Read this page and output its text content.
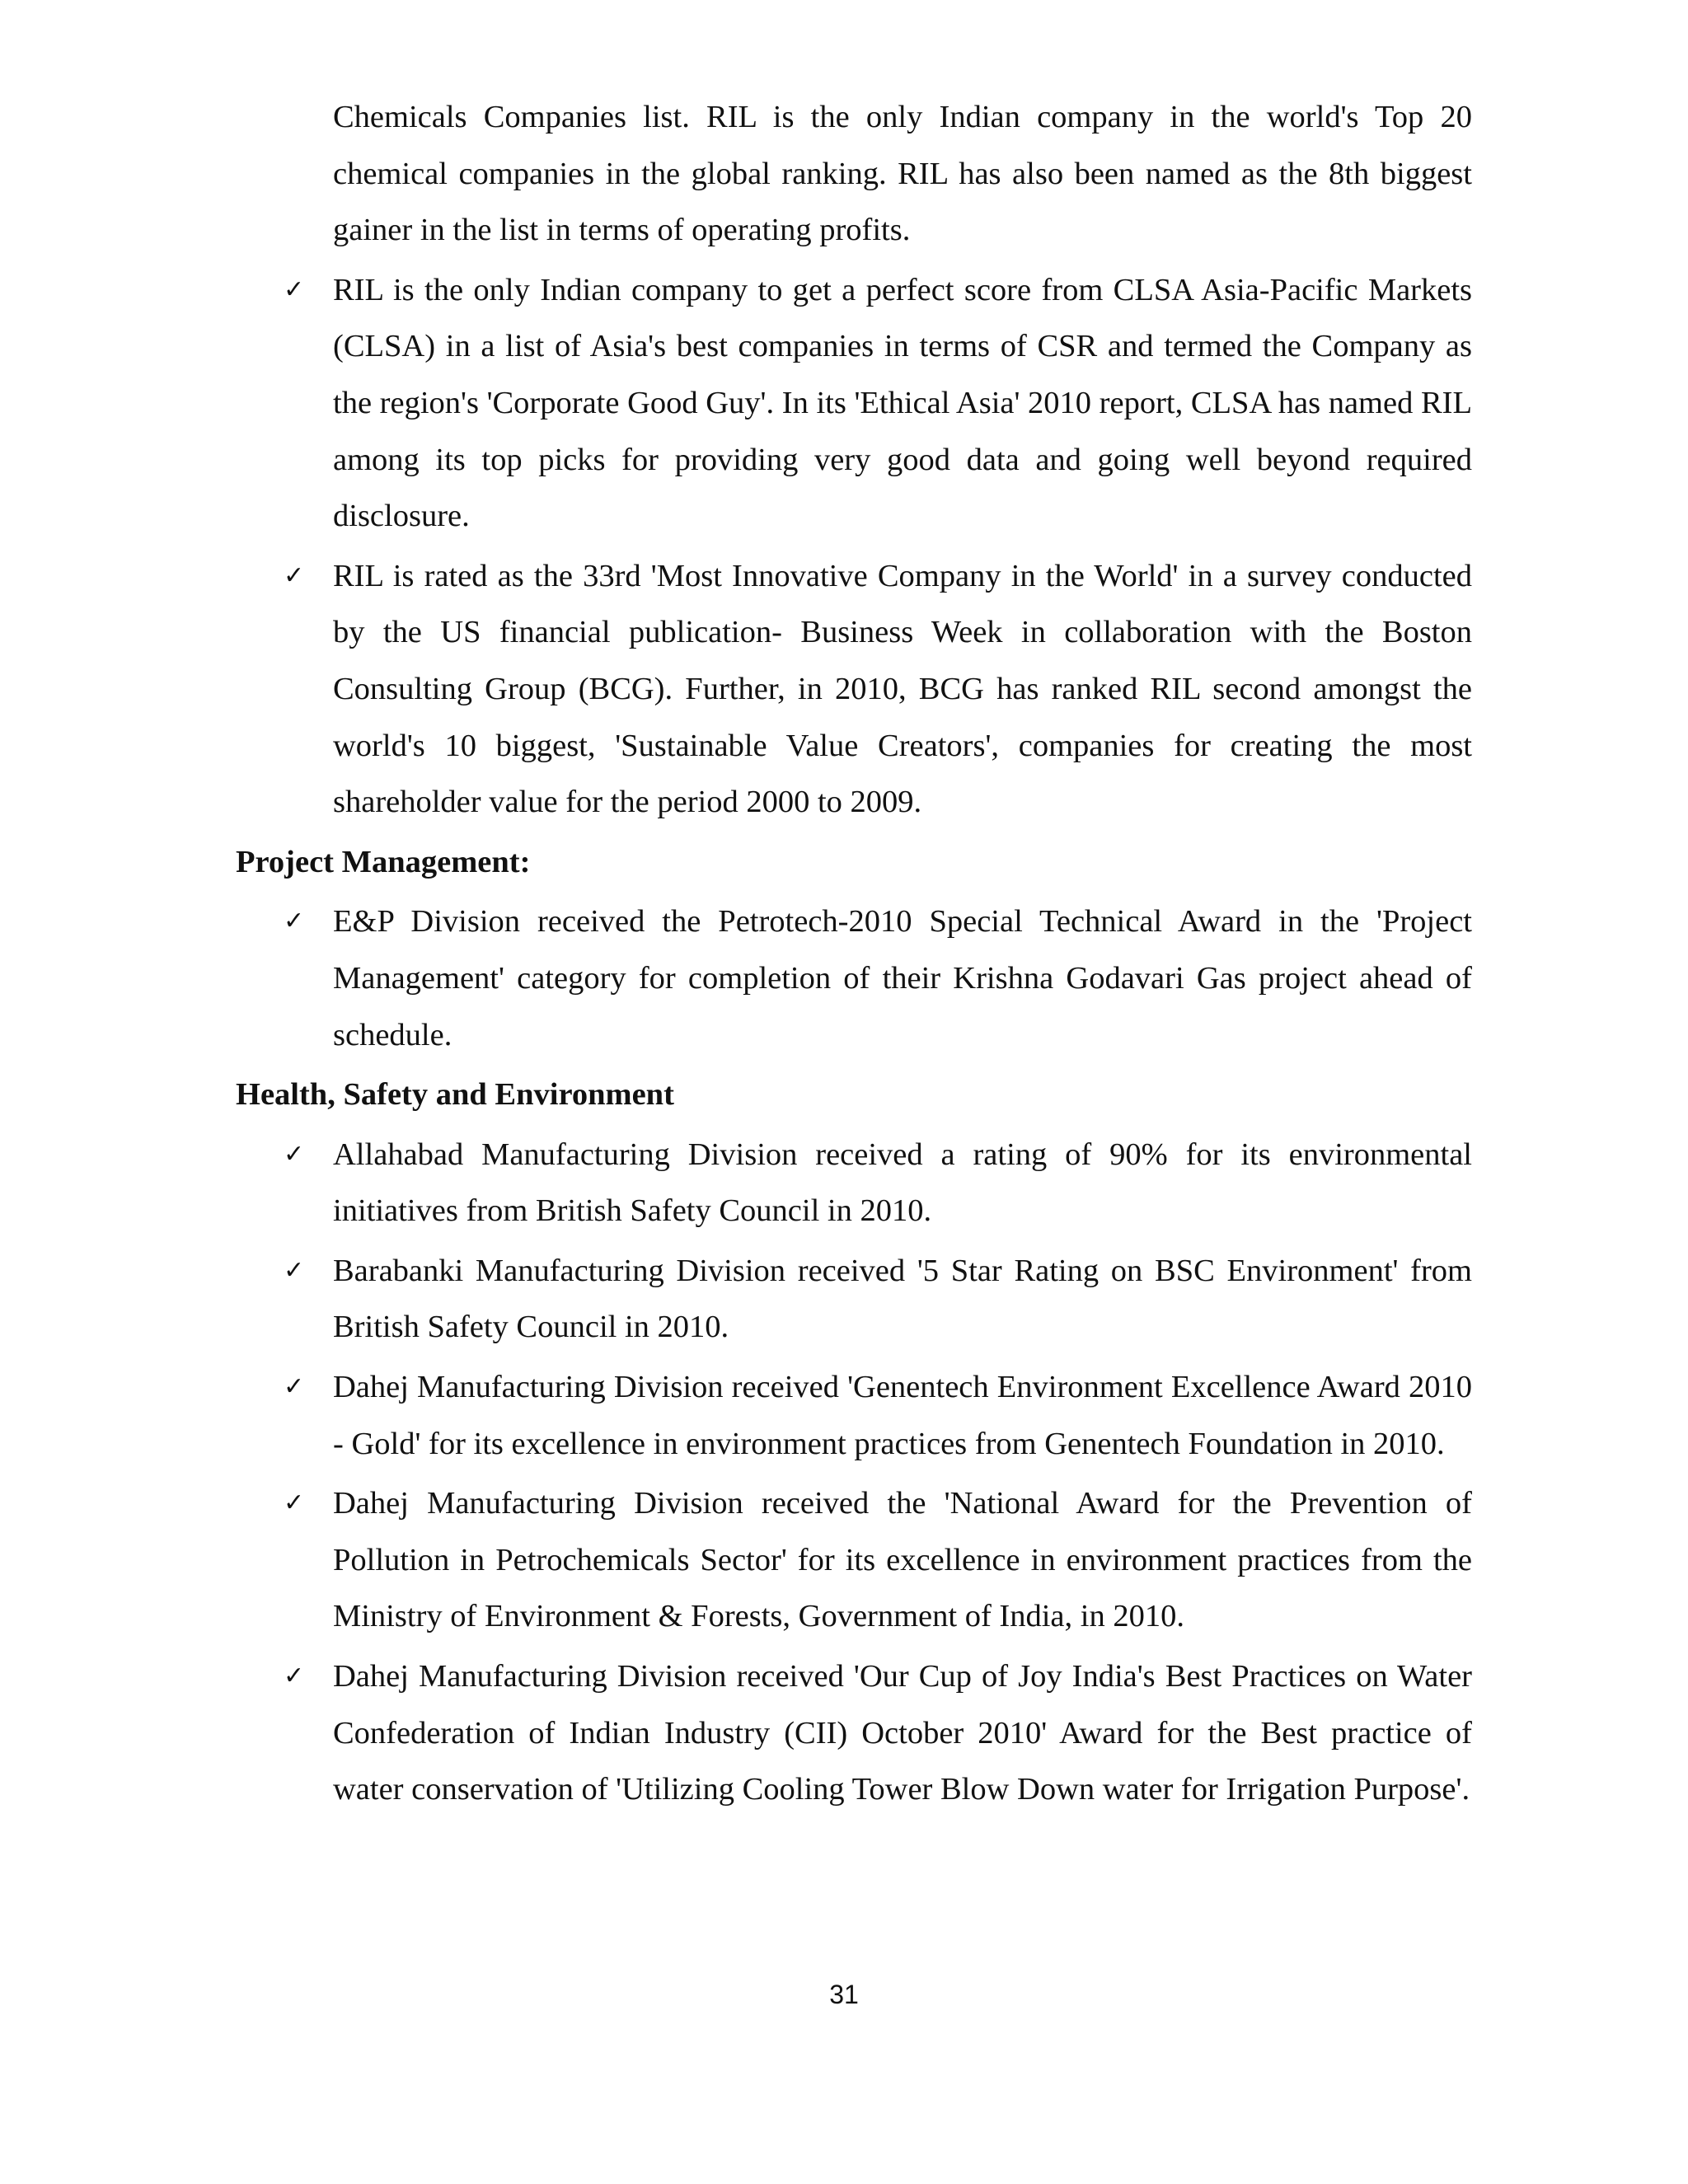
Chemicals Companies list. RIL is the only Indian company in the world's Top 20 chemical companies in the global ranking. RIL has also been named as the 8th biggest gainer in the list in terms of operating profits.
✓ RIL is the only Indian company to get a perfect score from CLSA Asia-Pacific Markets (CLSA) in a list of Asia's best companies in terms of CSR and termed the Company as the region's 'Corporate Good Guy'. In its 'Ethical Asia' 2010 report, CLSA has named RIL among its top picks for providing very good data and going well beyond required disclosure.
✓ RIL is rated as the 33rd 'Most Innovative Company in the World' in a survey conducted by the US financial publication- Business Week in collaboration with the Boston Consulting Group (BCG). Further, in 2010, BCG has ranked RIL second amongst the world's 10 biggest, 'Sustainable Value Creators', companies for creating the most shareholder value for the period 2000 to 2009.
Project Management:
✓ E&P Division received the Petrotech-2010 Special Technical Award in the 'Project Management' category for completion of their Krishna Godavari Gas project ahead of schedule.
Health, Safety and Environment
✓ Allahabad Manufacturing Division received a rating of 90% for its environmental initiatives from British Safety Council in 2010.
✓ Barabanki Manufacturing Division received '5 Star Rating on BSC Environment' from British Safety Council in 2010.
✓ Dahej Manufacturing Division received 'Genentech Environment Excellence Award 2010 - Gold' for its excellence in environment practices from Genentech Foundation in 2010.
✓ Dahej Manufacturing Division received the 'National Award for the Prevention of Pollution in Petrochemicals Sector' for its excellence in environment practices from the Ministry of Environment & Forests, Government of India, in 2010.
✓ Dahej Manufacturing Division received 'Our Cup of Joy India's Best Practices on Water Confederation of Indian Industry (CII) October 2010' Award for the Best practice of water conservation of 'Utilizing Cooling Tower Blow Down water for Irrigation Purpose'.
31
